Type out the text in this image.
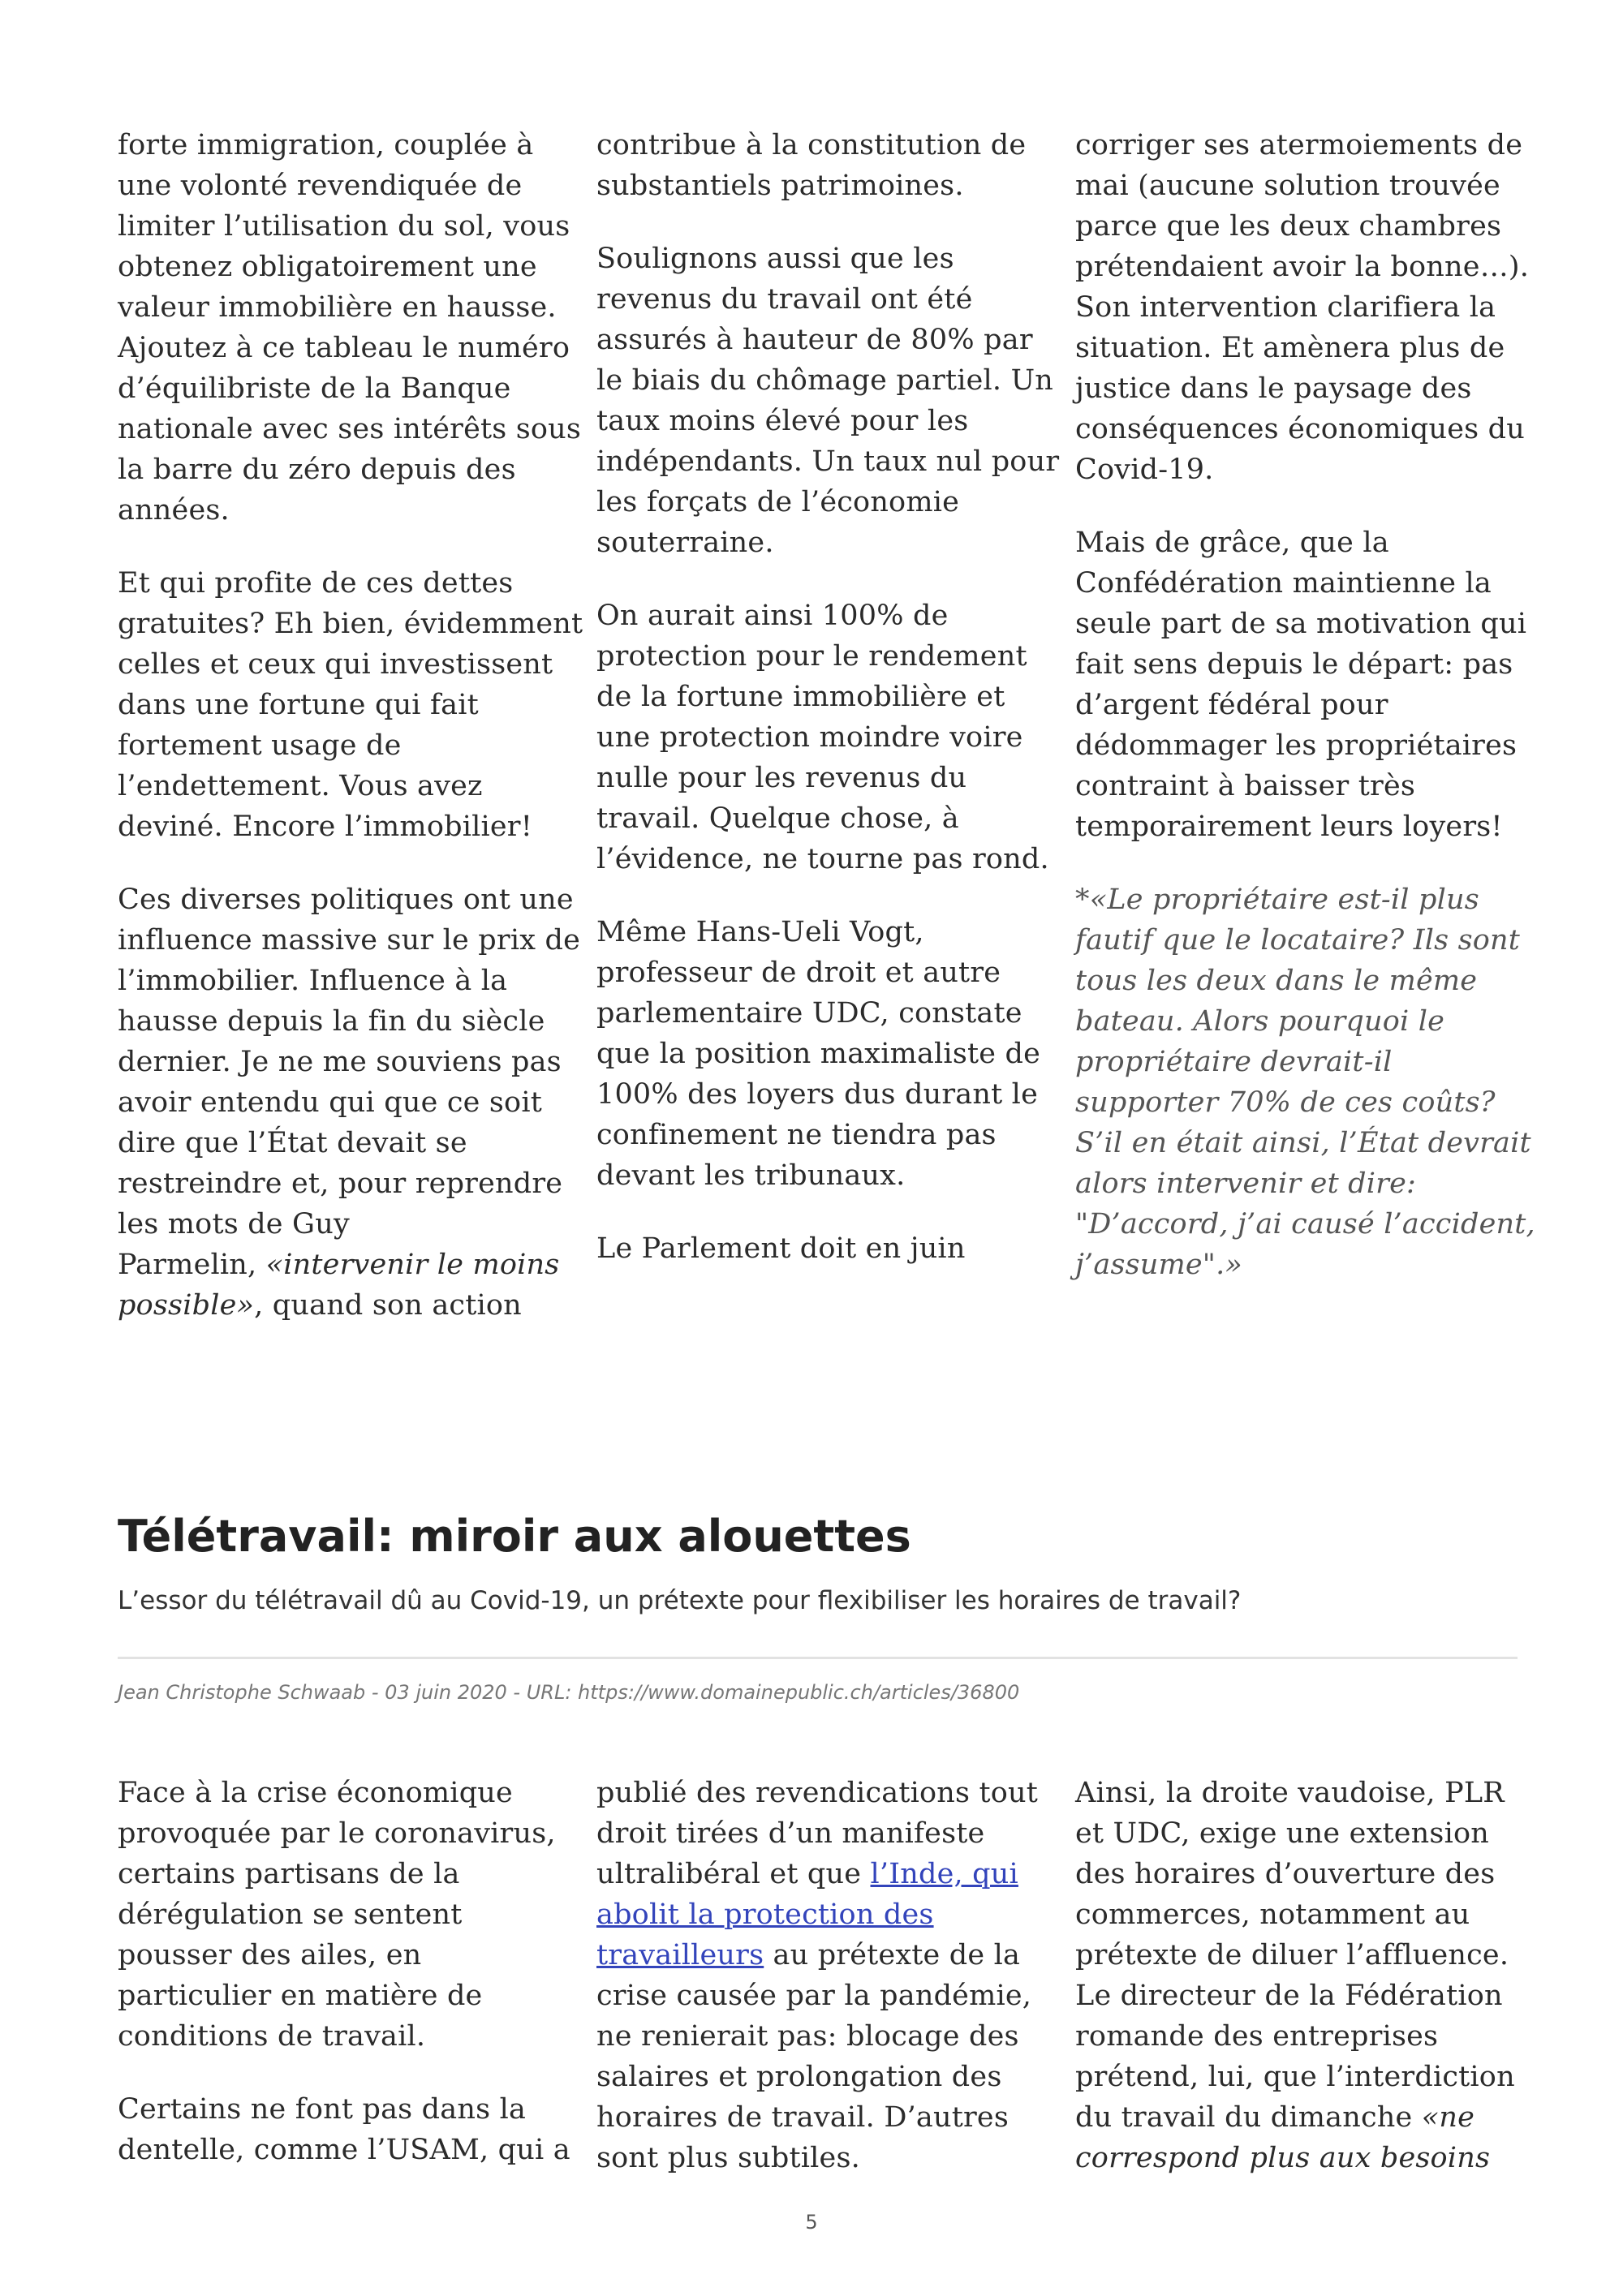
forte immigration, couplée à
une volonté revendiquée de
limiter l’utilisation du sol, vous
obtenez obligatoirement une
valeur immobilière en hausse.
Ajoutez à ce tableau le numéro
d’équilibriste de la Banque
nationale avec ses intérêts sous
la barre du zéro depuis des
années.

Et qui profite de ces dettes
gratuites? Eh bien, évidemment
celles et ceux qui investissent
dans une fortune qui fait
fortement usage de
l’endettement. Vous avez
deviné. Encore l’immobilier!

Ces diverses politiques ont une
influence massive sur le prix de
l’immobilier. Influence à la
hausse depuis la fin du siècle
dernier. Je ne me souviens pas
avoir entendu qui que ce soit
dire que l’État devait se
restreindre et, pour reprendre
les mots de Guy
Parmelin, «intervenir le moins
possible», quand son action

contribue à la constitution de
substantiels patrimoines.

Soulignons aussi que les
revenus du travail ont été
assurés à hauteur de 80% par
le biais du chômage partiel. Un
taux moins élevé pour les
indépendants. Un taux nul pour
les forçats de l’économie
souterraine.

On aurait ainsi 100% de
protection pour le rendement
de la fortune immobilière et
une protection moindre voire
nulle pour les revenus du
travail. Quelque chose, à
l’évidence, ne tourne pas rond.

Même Hans-Ueli Vogt,
professeur de droit et autre
parlementaire UDC, constate
que la position maximaliste de
100% des loyers dus durant le
confinement ne tiendra pas
devant les tribunaux.

Le Parlement doit en juin

corriger ses atermoiements de
mai (aucune solution trouvée
parce que les deux chambres
prétendaient avoir la bonne…).
Son intervention clarifiera la
situation. Et amènera plus de
justice dans le paysage des
conséquences économiques du
Covid-19.

Mais de grâce, que la
Confédération maintienne la
seule part de sa motivation qui
fait sens depuis le départ: pas
d’argent fédéral pour
dédommager les propriétaires
contraint à baisser très
temporairement leurs loyers!

*«Le propriétaire est-il plus
fautif que le locataire? Ils sont
tous les deux dans le même
bateau. Alors pourquoi le
propriétaire devrait-il
supporter 70% de ces coûts?
S’il en était ainsi, l’État devrait
alors intervenir et dire:
"D’accord, j’ai causé l’accident,
j’assume".»

Télétravail: miroir aux alouettes
L’essor du télétravail dû au Covid-19, un prétexte pour flexibiliser les horaires de travail?
Jean Christophe Schwaab - 03 juin 2020 - URL: https://www.domainepublic.ch/articles/36800

Face à la crise économique
provoquée par le coronavirus,
certains partisans de la
dérégulation se sentent
pousser des ailes, en
particulier en matière de
conditions de travail.

Certains ne font pas dans la
dentelle, comme l’USAM, qui a

publié des revendications tout
droit tirées d’un manifeste
ultralibéral et que l’Inde, qui
abolit la protection des
travailleurs au prétexte de la
crise causée par la pandémie,
ne renierait pas: blocage des
salaires et prolongation des
horaires de travail. D’autres
sont plus subtiles.

Ainsi, la droite vaudoise, PLR
et UDC, exige une extension
des horaires d’ouverture des
commerces, notamment au
prétexte de diluer l’affluence.
Le directeur de la Fédération
romande des entreprises
prétend, lui, que l’interdiction
du travail du dimanche «ne
correspond plus aux besoins

5
